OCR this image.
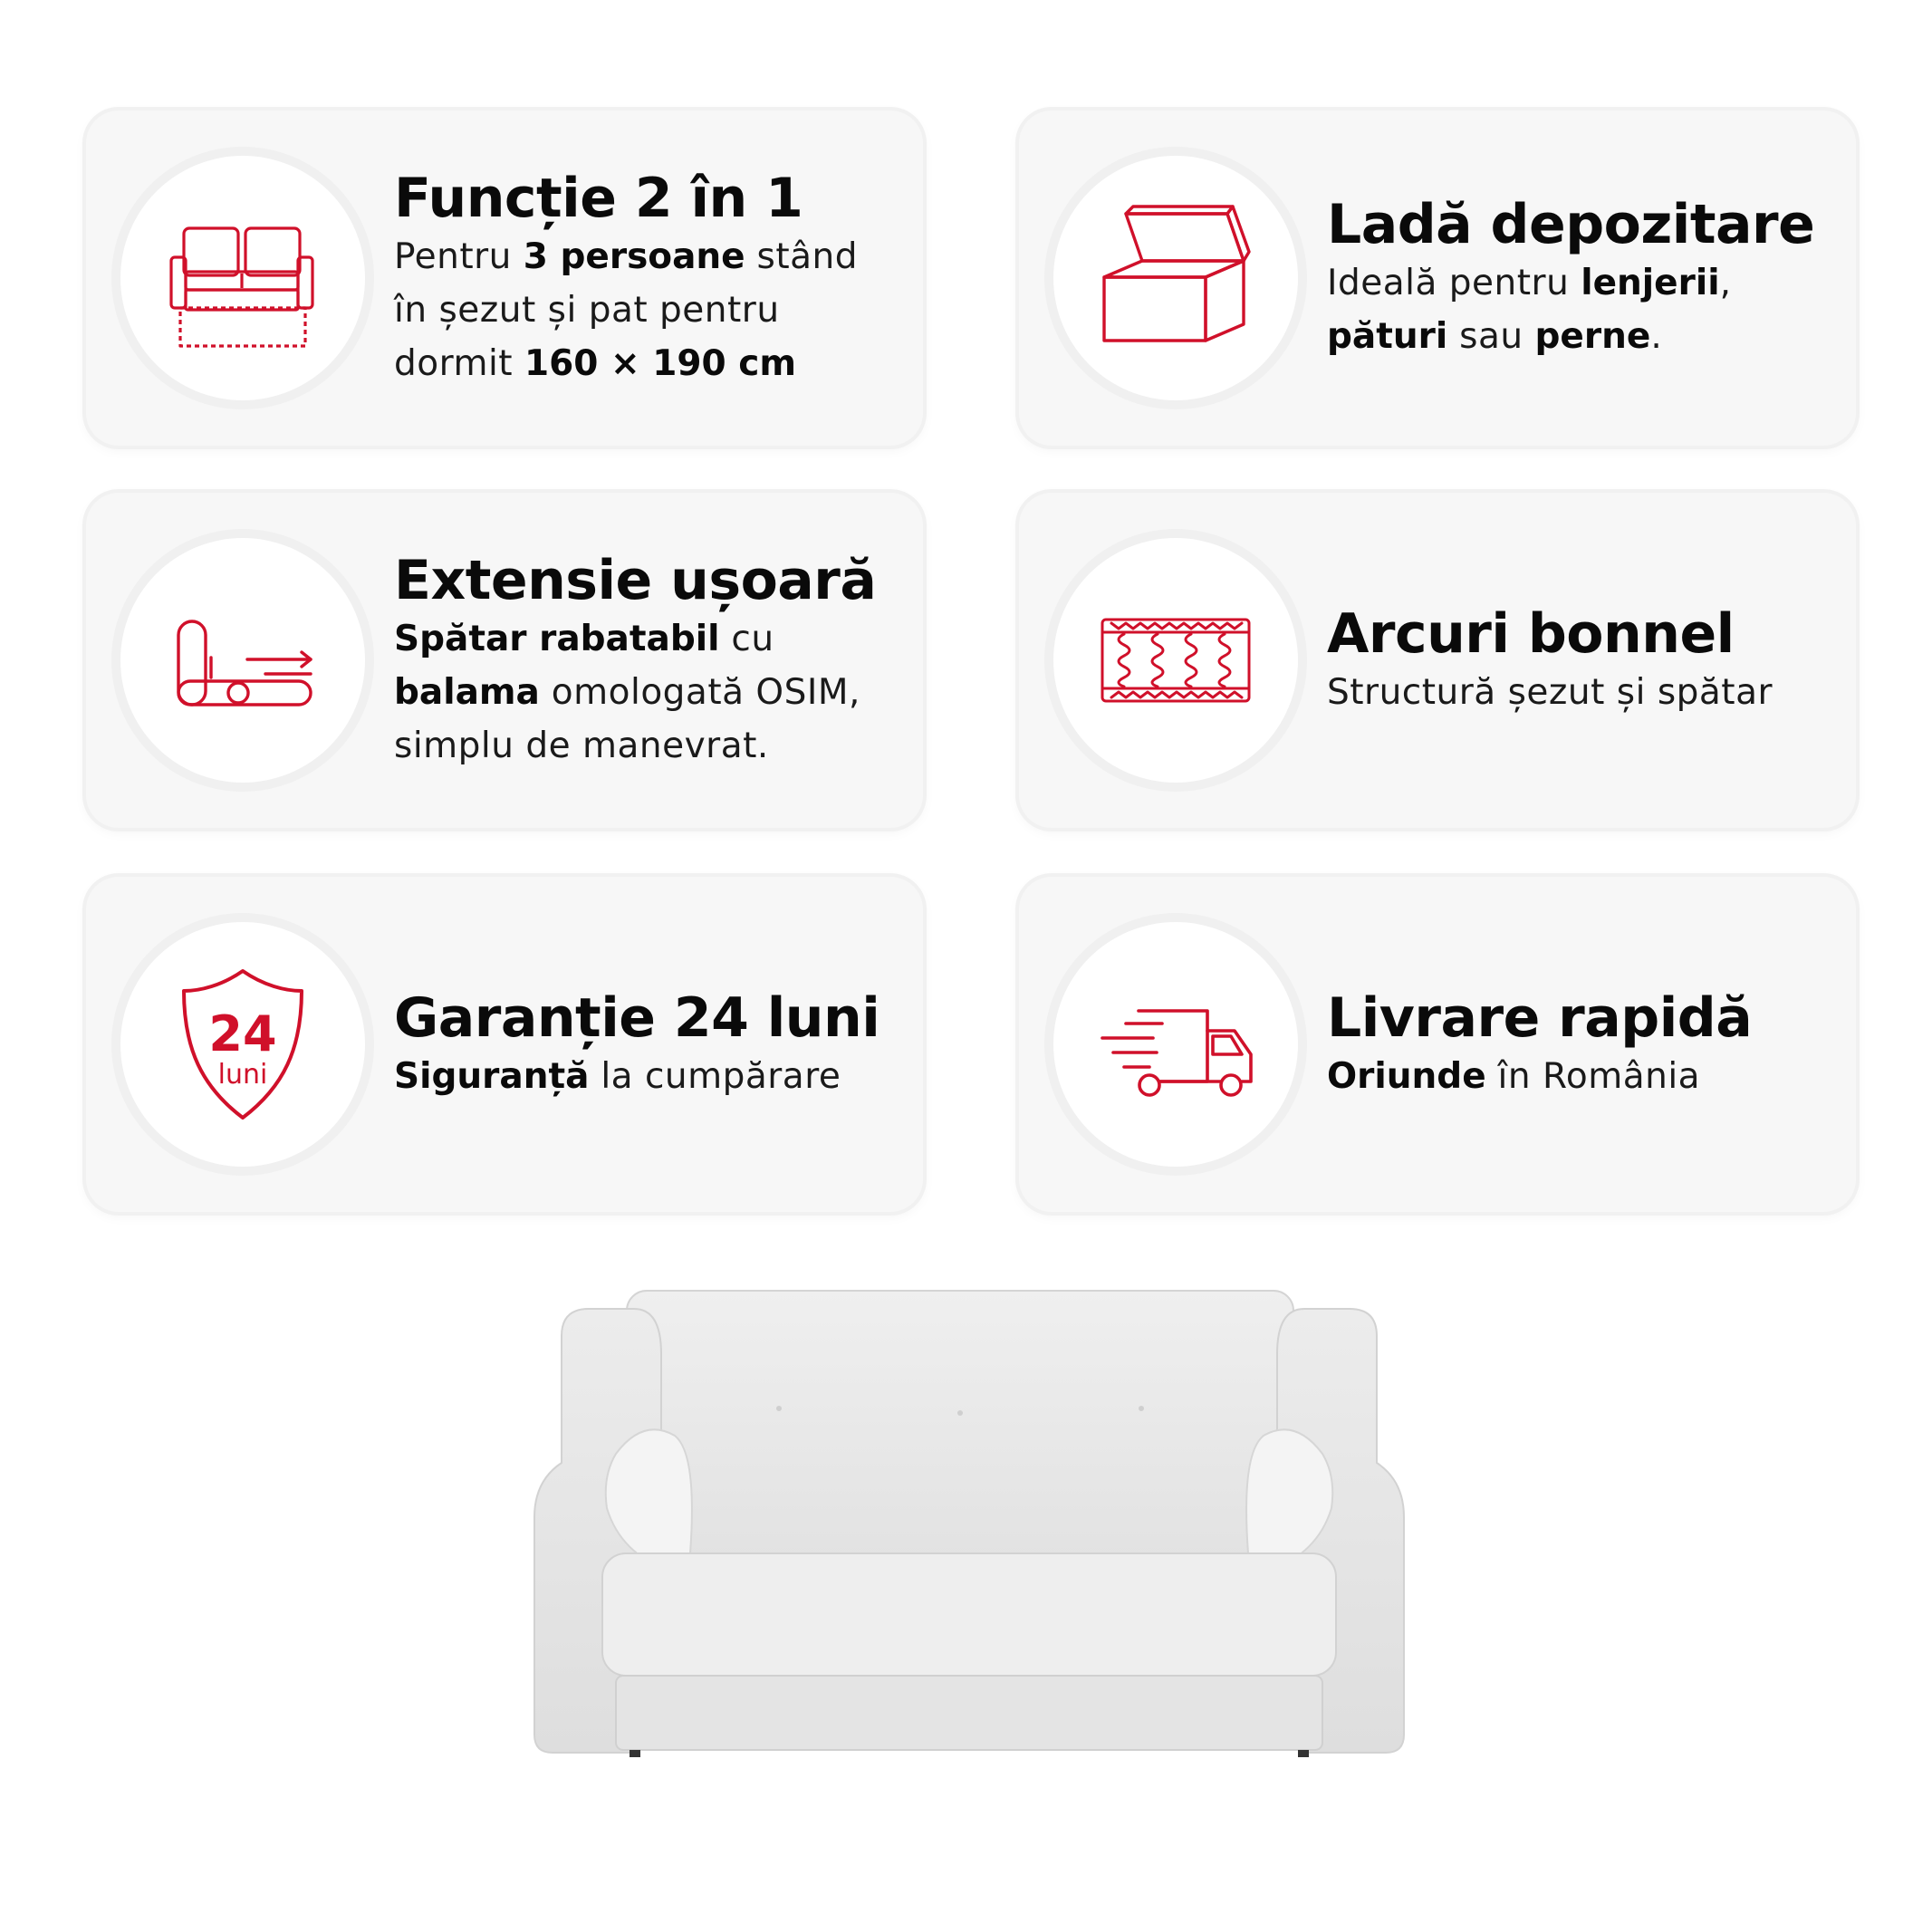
Funcție 2 în 1
Pentru 3 persoane stând
în șezut și pat pentru
dormit 160 × 190 cm
Ladă depozitare
Ideală pentru lenjerii,
pături sau perne.
Extensie ușoară
Spătar rabatabil cu
balama omologată OSIM,
simplu de manevrat.
Arcuri bonnel
Structură șezut și spătar
24
luni
Garanție 24 luni
Siguranță la cumpărare
Livrare rapidă
Oriunde în România
